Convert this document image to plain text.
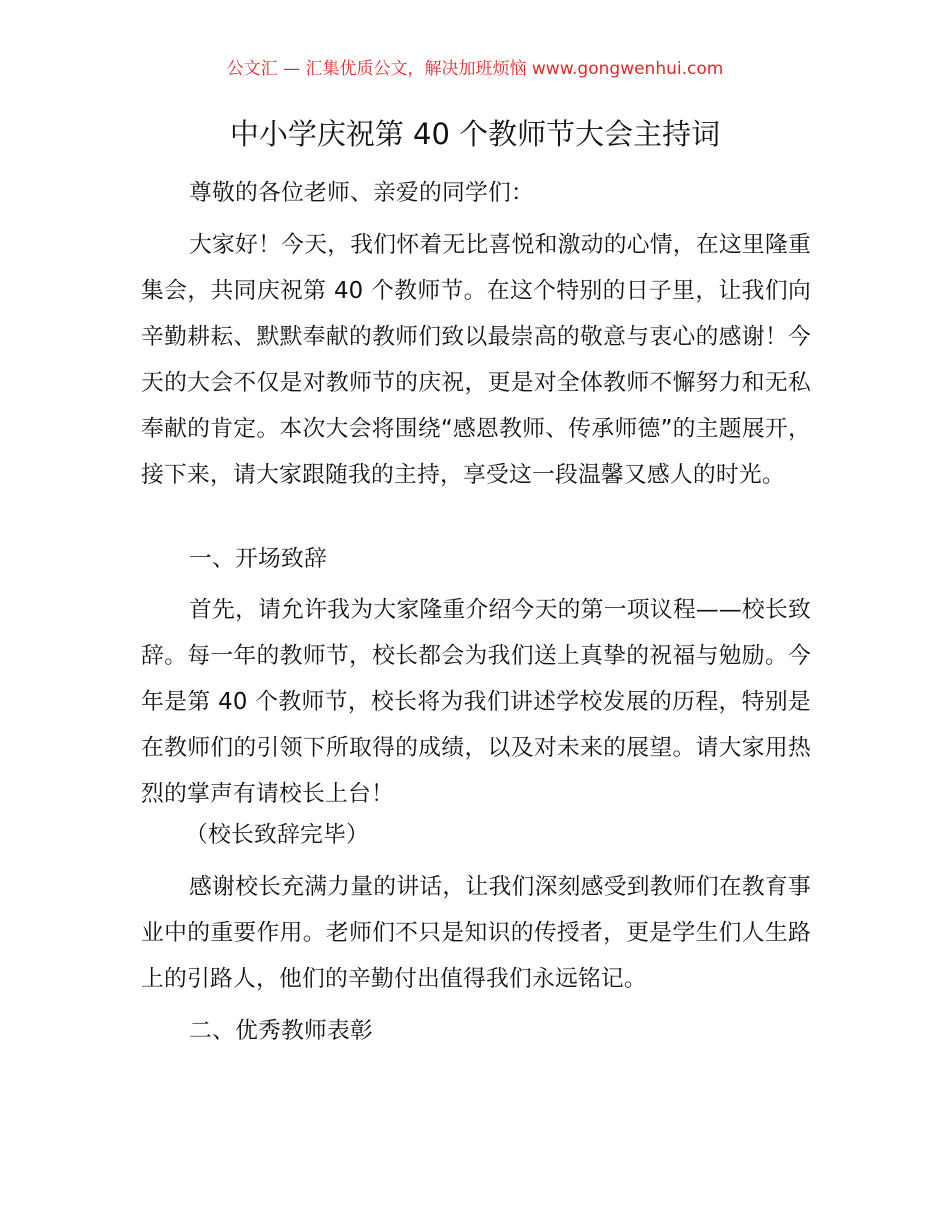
公文汇 — 汇集优质公文，解决加班烦恼 www.gongwenhui.com
中小学庆祝第 40 个教师节大会主持词

尊敬的各位老师、亲爱的同学们：

大家好！今天，我们怀着无比喜悦和激动的心情，在这里隆重集会，共同庆祝第 40 个教师节。在这个特别的日子里，让我们向辛勤耕耘、默默奉献的教师们致以最崇高的敬意与衷心的感谢！今天的大会不仅是对教师节的庆祝，更是对全体教师不懈努力和无私奉献的肯定。本次大会将围绕“感恩教师、传承师德”的主题展开，接下来，请大家跟随我的主持，享受这一段温馨又感人的时光。

一、开场致辞

首先，请允许我为大家隆重介绍今天的第一项议程——校长致辞。每一年的教师节，校长都会为我们送上真挚的祝福与勉励。今年是第 40 个教师节，校长将为我们讲述学校发展的历程，特别是在教师们的引领下所取得的成绩，以及对未来的展望。请大家用热烈的掌声有请校长上台！

（校长致辞完毕）

感谢校长充满力量的讲话，让我们深刻感受到教师们在教育事业中的重要作用。老师们不只是知识的传授者，更是学生们人生路上的引路人，他们的辛勤付出值得我们永远铭记。

二、优秀教师表彰
